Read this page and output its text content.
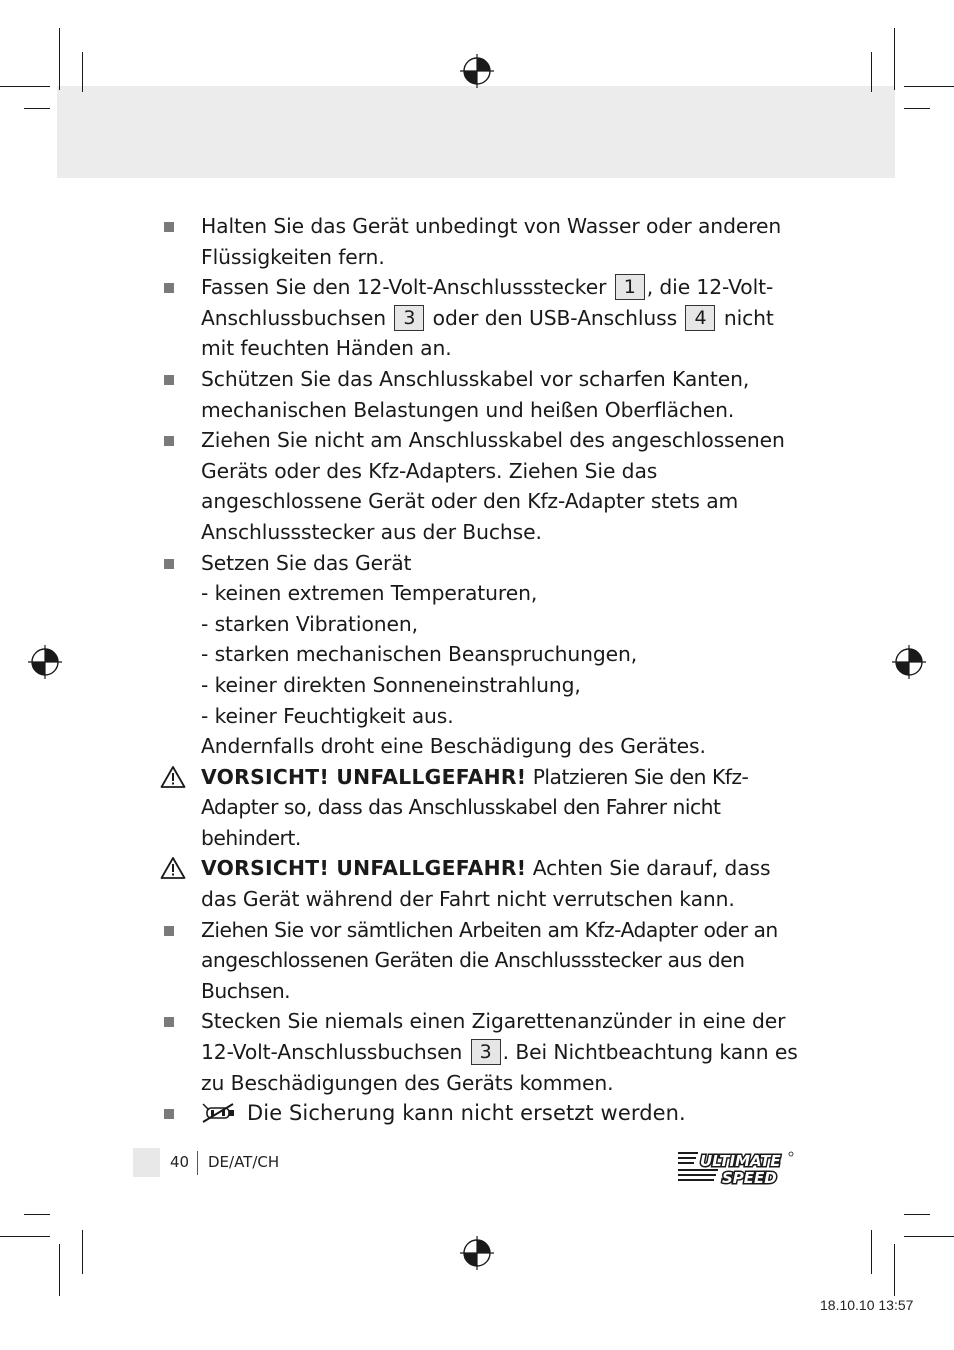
Halten Sie das Gerät unbedingt von Wasser oder anderen Flüssigkeiten fern.
Fassen Sie den 12-Volt-Anschlussstecker 1 , die 12-Volt-Anschlussbuchsen 3 oder den USB-Anschluss 4 nicht mit feuchten Händen an.
Schützen Sie das Anschlusskabel vor scharfen Kanten, mechanischen Belastungen und heißen Oberflächen.
Ziehen Sie nicht am Anschlusskabel des angeschlossenen Geräts oder des Kfz-Adapters. Ziehen Sie das angeschlossene Gerät oder den Kfz-Adapter stets am Anschlussstecker aus der Buchse.
Setzen Sie das Gerät
- keinen extremen Temperaturen,
- starken Vibrationen,
- starken mechanischen Beanspruchungen,
- keiner direkten Sonneneinstrahlung,
- keiner Feuchtigkeit aus.
Andernfalls droht eine Beschädigung des Gerätes.
VORSICHT! UNFALLGEFAHR! Platzieren Sie den Kfz-Adapter so, dass das Anschlusskabel den Fahrer nicht behindert.
VORSICHT! UNFALLGEFAHR! Achten Sie darauf, dass das Gerät während der Fahrt nicht verrutschen kann.
Ziehen Sie vor sämtlichen Arbeiten am Kfz-Adapter oder an angeschlossenen Geräten die Anschlussstecker aus den Buchsen.
Stecken Sie niemals einen Zigarettenanzünder in eine der 12-Volt-Anschlussbuchsen 3 . Bei Nichtbeachtung kann es zu Beschädigungen des Geräts kommen.
Die Sicherung kann nicht ersetzt werden.
40 DE/AT/CH	ULTIMATE
SPEED
18.10.10 13:57
